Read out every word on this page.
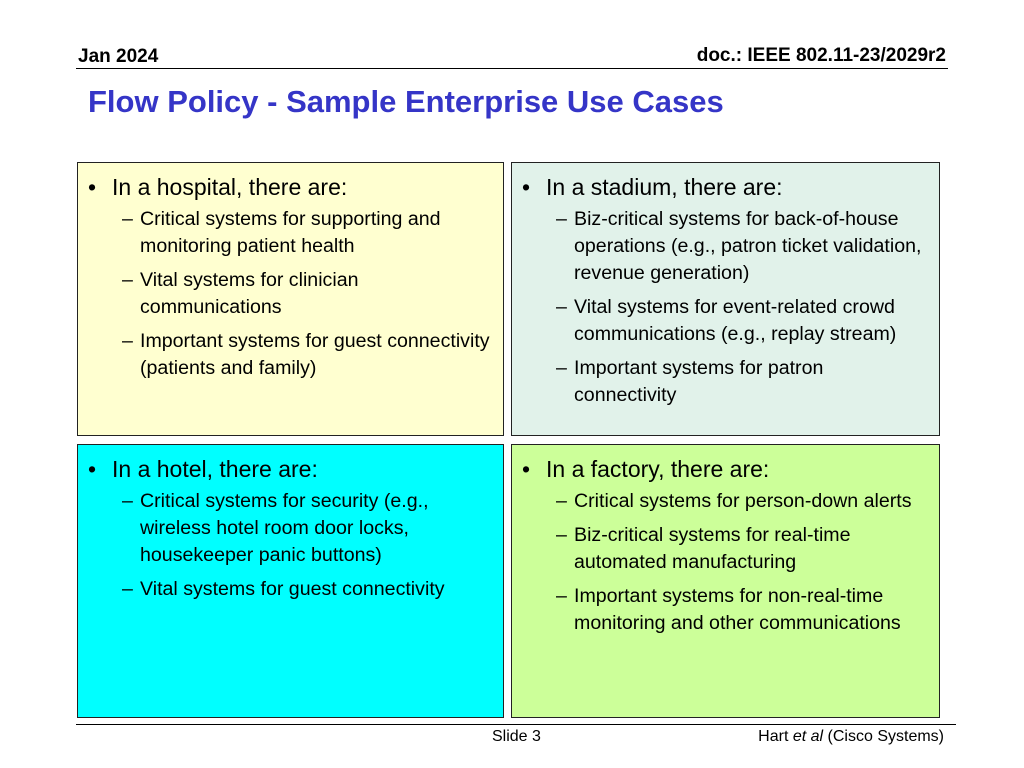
Jan 2024	doc.: IEEE 802.11-23/2029r2
Flow Policy - Sample Enterprise Use Cases
• In a hospital, there are:
– Critical systems for supporting and monitoring patient health
– Vital systems for clinician communications
– Important systems for guest connectivity (patients and family)
• In a stadium, there are:
– Biz-critical systems for back-of-house operations (e.g., patron ticket validation, revenue generation)
– Vital systems for event-related crowd communications (e.g., replay stream)
– Important systems for patron connectivity
• In a hotel, there are:
– Critical systems for security (e.g., wireless hotel room door locks, housekeeper panic buttons)
– Vital systems for guest connectivity
• In a factory, there are:
– Critical systems for person-down alerts
– Biz-critical systems for real-time automated manufacturing
– Important systems for non-real-time monitoring and other communications
Slide 3	Hart et al (Cisco Systems)
